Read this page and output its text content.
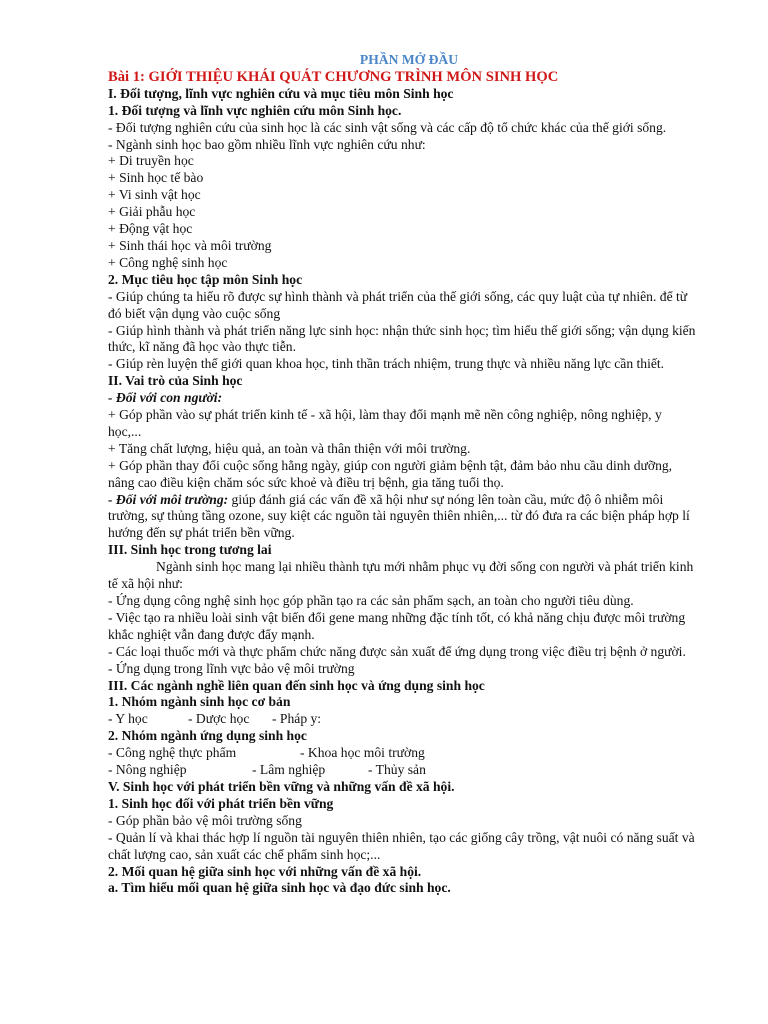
PHẦN MỞ ĐẦU

Bài 1: GIỚI THIỆU KHÁI QUÁT CHƯƠNG TRÌNH MÔN SINH HỌC

I. Đối tượng, lĩnh vực nghiên cứu và mục tiêu môn Sinh học

1. Đối tượng và lĩnh vực nghiên cứu môn Sinh học.

- Đối tượng nghiên cứu của sinh học là các sinh vật sống và các cấp độ tổ chức khác của thế giới sống.

- Ngành sinh học bao gồm nhiều lĩnh vực nghiên cứu như:

+ Di truyền học

+ Sinh học tế bào

+ Vi sinh vật học

+ Giải phẫu học

+ Động vật học

+ Sinh thái học và môi trường

+ Công nghệ sinh học

2. Mục tiêu học tập môn Sinh học

- Giúp chúng ta hiểu rõ được sự hình thành và phát triển của thế giới sống, các quy luật của tự nhiên. để từ đó biết vận dụng vào cuộc sống

- Giúp hình thành và phát triển năng lực sinh học: nhận thức sinh học; tìm hiểu thế giới sống; vận dụng kiến thức, kĩ năng đã học vào thực tiễn.

- Giúp rèn luyện thế giới quan khoa học, tinh thần trách nhiệm, trung thực và nhiều năng lực cần thiết.

II. Vai trò của Sinh học

- Đối với con người:

+ Góp phần vào sự phát triển kinh tế - xã hội, làm thay đổi mạnh mẽ nền công nghiệp, nông nghiệp, y học,...

+ Tăng chất lượng, hiệu quả, an toàn và thân thiện với môi trường.

+ Góp phần thay đổi cuộc sống hằng ngày, giúp con người giảm bệnh tật, đảm bảo nhu cầu dinh dưỡng, nâng cao điều kiện chăm sóc sức khoẻ và điều trị bệnh, gia tăng tuổi thọ.

- Đối với môi trường: giúp đánh giá các vấn đề xã hội như sự nóng lên toàn cầu, mức độ ô nhiễm môi trường, sự thủng tầng ozone, suy kiệt các nguồn tài nguyên thiên nhiên,... từ đó đưa ra các biện pháp hợp lí hướng đến sự phát triển bền vững.

III. Sinh học trong tương lai

Ngành sinh học mang lại nhiều thành tựu mới nhằm phục vụ đời sống con người và phát triển kinh tế xã hội như:

- Ứng dụng công nghệ sinh học góp phần tạo ra các sản phẩm sạch, an toàn cho người tiêu dùng.

- Việc tạo ra nhiều loài sinh vật biến đổi gene mang những đặc tính tốt, có khả năng chịu được môi trường khắc nghiệt vẫn đang được đẩy mạnh.

- Các loại thuốc mới và thực phẩm chức năng được sản xuất để ứng dụng trong việc điều trị bệnh ở người.

- Ứng dụng trong lĩnh vực bảo vệ môi trường

III. Các ngành nghề liên quan đến sinh học và ứng dụng sinh học

1. Nhóm ngành sinh học cơ bản

- Y học	- Dược học	- Pháp y:

2. Nhóm ngành ứng dụng sinh học

- Công nghệ thực phẩm	- Khoa học môi trường
- Nông nghiệp	- Lâm nghiệp	- Thủy sản

V. Sinh học với phát triển bền vững và những vấn đề xã hội.

1. Sinh học đối với phát triển bền vững

- Góp phần bảo vệ môi trường sống

- Quản lí và khai thác hợp lí nguồn tài nguyên thiên nhiên, tạo các giống cây trồng, vật nuôi có năng suất và chất lượng cao, sản xuất các chế phẩm sinh học;...

2. Mối quan hệ giữa sinh học với những vấn đề xã hội.

a. Tìm hiểu mối quan hệ giữa sinh học và đạo đức sinh học.
